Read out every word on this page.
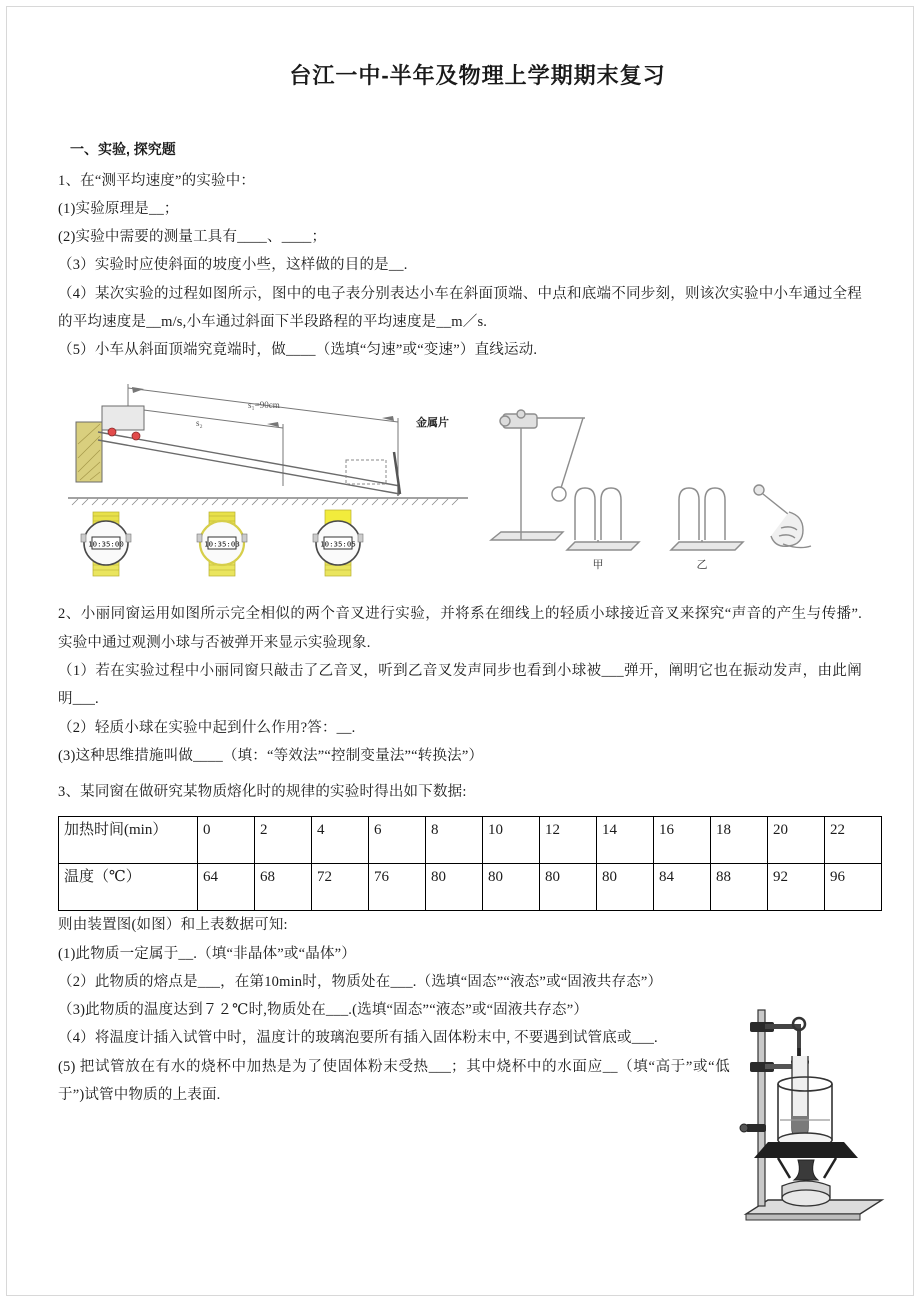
台江一中-半年及物理上学期期末复习
一、实验, 探究题

1、在“测平均速度”的实验中：

(1)实验原理是__；

(2)实验中需要的测量工具有____、____；

（3）实验时应使斜面的坡度小些，这样做的目的是__.

（4）某次实验的过程如图所示，图中的电子表分别表达小车在斜面顶端、中点和底端不同步刻，则该次实验中小车通过全程的平均速度是__m/s,小车通过斜面下半段路程的平均速度是__m／s.

（5）小车从斜面顶端究竟端时，做____（选填“匀速”或“变速”）直线运动.

s₁=90cm
s₂	金属片
10:35:00	10:35:03	10:35:05
甲	乙

2、小丽同窗运用如图所示完全相似的两个音叉进行实验，并将系在细线上的轻质小球接近音叉来探究“声音的产生与传播”. 实验中通过观测小球与否被弹开来显示实验现象.

（1）若在实验过程中小丽同窗只敲击了乙音叉，听到乙音叉发声同步也看到小球被___弹开，阐明它也在振动发声，由此阐明___.

（2）轻质小球在实验中起到什么作用?答：__.

(3)这种思维措施叫做____（填：“等效法”“控制变量法”“转换法”）

3、某同窗在做研究某物质熔化时的规律的实验时得出如下数据:

加热时间(min）	0	2	4	6	8	10	12	14	16	18	20	22
温度（℃）	64	68	72	76	80	80	80	80	84	88	92	96

则由装置图(如图）和上表数据可知:

(1)此物质一定属于__.（填“非晶体”或“晶体”）

（2）此物质的熔点是___，在第10min时，物质处在___.（选填“固态”“液态”或“固液共存态”）

（3)此物质的温度达到７２℃时,物质处在___.(选填“固态”“液态”或“固液共存态”）

（4）将温度计插入试管中时，温度计的玻璃泡要所有插入固体粉末中, 不要遇到试管底或___.

(5) 把试管放在有水的烧杯中加热是为了使固体粉末受热___；其中烧杯中的水面应__（填“高于”或“低于”)试管中物质的上表面.
